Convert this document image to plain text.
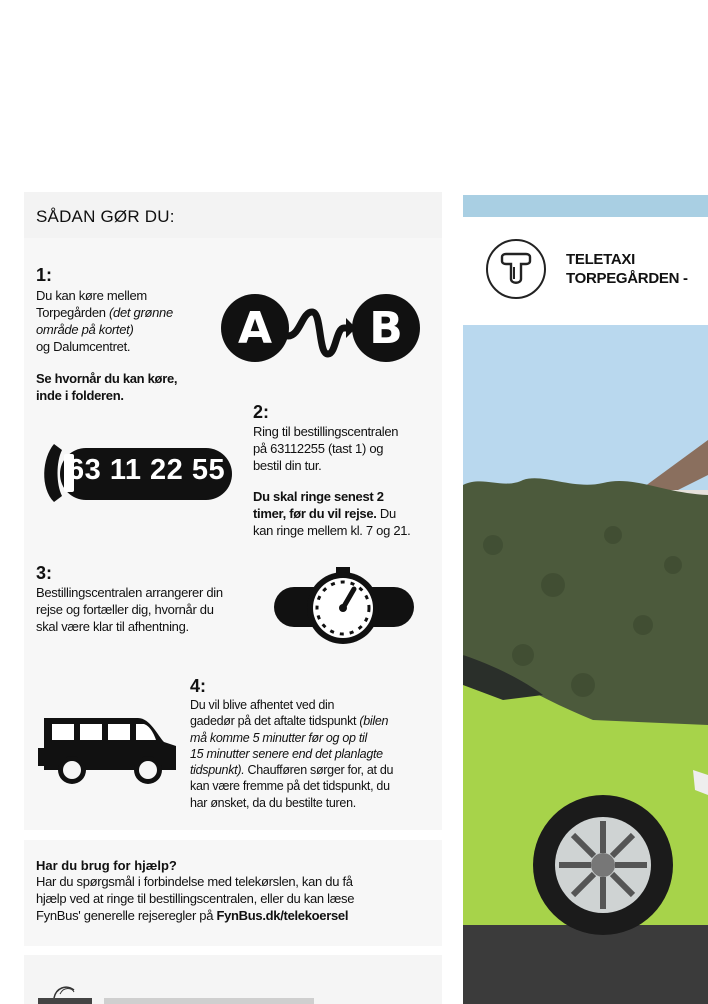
SÅDAN GØR DU:
1:
Du kan køre mellem
Torpegården (det grønne
område på kortet)
og Dalumcentret.
Se hvornår du kan køre,
inde i folderen.
A B
2:
Ring til bestillingscentralen
på 63112255 (tast 1) og
bestil din tur.
Du skal ringe senest 2
timer, før du vil rejse. Du
kan ringe mellem kl. 7 og 21.
63 11 22 55
3:
Bestillingscentralen arrangerer din
rejse og fortæller dig, hvornår du
skal være klar til afhentning.
4:
Du vil blive afhentet ved din
gadedør på det aftalte tidspunkt (bilen
må komme 5 minutter før og op til
15 minutter senere end det planlagte
tidspunkt). Chaufføren sørger for, at du
kan være fremme på det tidspunkt, du
har ønsket, da du bestilte turen.
Har du brug for hjælp?
Har du spørgsmål i forbindelse med telekørslen, kan du få
hjælp ved at ringe til bestillingscentralen, eller du kan læse
FynBus' generelle rejseregler på FynBus.dk/telekoersel
TELETAXI
TORPEGÅRDEN -
